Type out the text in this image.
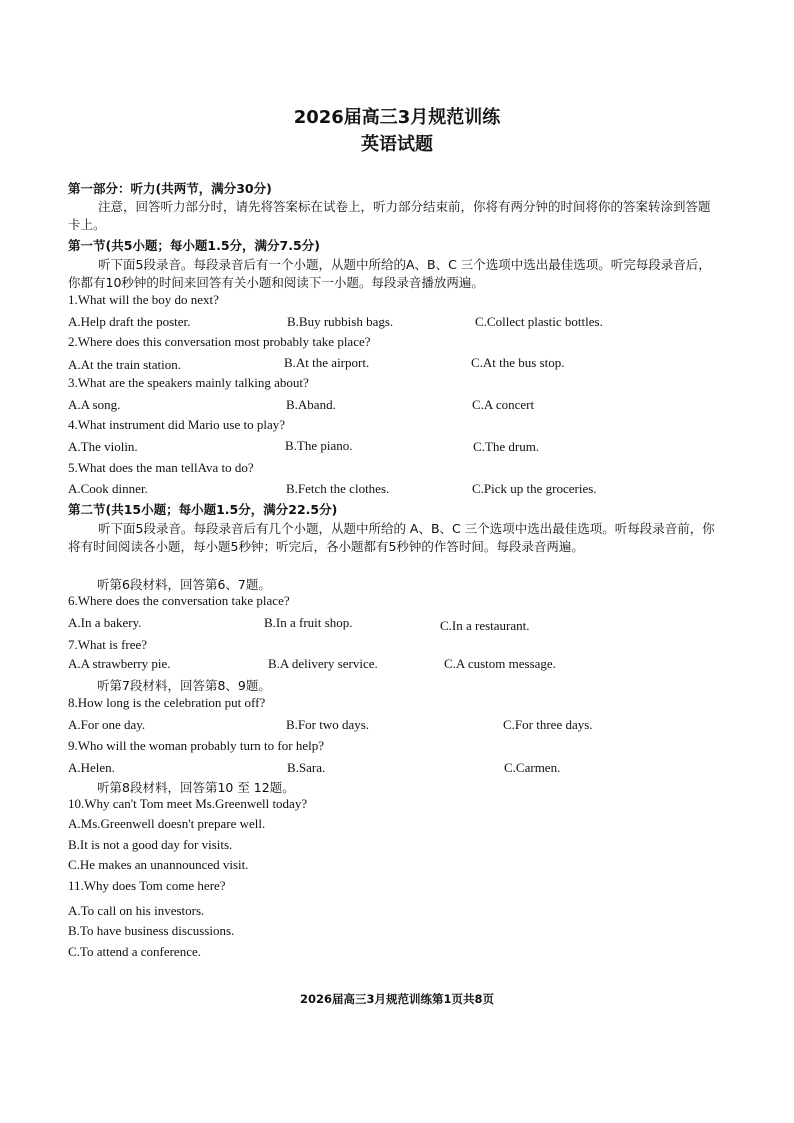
2026届高三3月规范训练
英语试题
第一部分：听力(共两节，满分30分)
注意，回答听力部分时，请先将答案标在试卷上，听力部分结束前，你将有两分钟的时间将你的答案转涂到答题卡上。
第一节(共5小题；每小题1.5分，满分7.5分)
听下面5段录音。每段录音后有一个小题，从题中所给的A、B、C 三个选项中选出最佳选项。听完每段录音后，你都有10秒钟的时间来回答有关小题和阅读下一小题。每段录音播放两遍。
1.What will the boy do next?
A.Help draft the poster.	B.Buy rubbish bags.	C.Collect plastic bottles.
2.Where does this conversation most probably take place?
A.At the train station.	B.At the airport.	C.At the bus stop.
3.What are the speakers mainly talking about?
A.A song.	B.Aband.	C.A concert
4.What instrument did Mario use to play?
A.The violin.	B.The piano.	C.The drum.
5.What does the man tellAva to do?
A.Cook dinner.	B.Fetch the clothes.	C.Pick up the groceries.
第二节(共15小题；每小题1.5分，满分22.5分)
听下面5段录音。每段录音后有几个小题，从题中所给的 A、B、C 三个选项中选出最佳选项。听每段录音前，你将有时间阅读各小题，每小题5秒钟；听完后，各小题都有5秒钟的作答时间。每段录音两遍。
听第6段材料，回答第6、7题。
6.Where does the conversation take place?
A.In a bakery.	B.In a fruit shop.	C.In a restaurant.
7.What is free?
A.A strawberry pie.	B.A delivery service.	C.A custom message.
听第7段材料，回答第8、9题。
8.How long is the celebration put off?
A.For one day.	B.For two days.	C.For three days.
9.Who will the woman probably turn to for help?
A.Helen.	B.Sara.	C.Carmen.
听第8段材料，回答第10 至 12题。
10.Why can't Tom meet Ms.Greenwell today?
A.Ms.Greenwell doesn't prepare well.
B.It is not a good day for visits.
C.He makes an unannounced visit.
11.Why does Tom come here?
A.To call on his investors.
B.To have business discussions.
C.To attend a conference.
2026届高三3月规范训练第1页共8页
